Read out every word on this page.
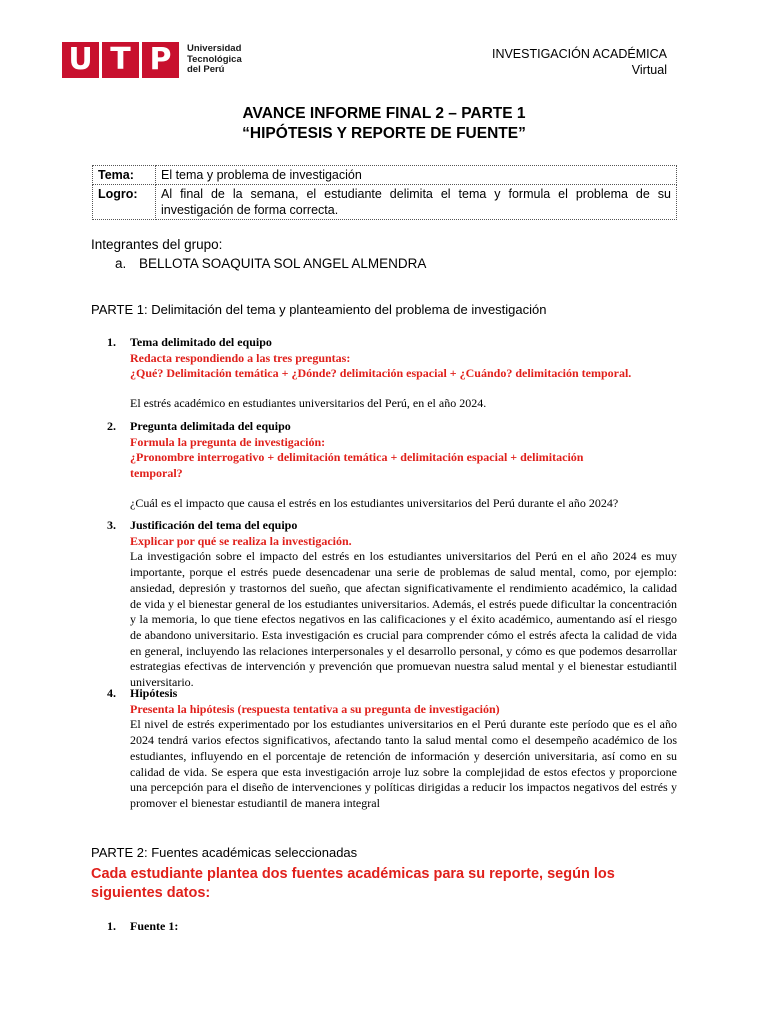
U T P	Universidad
Tecnológica
del Perú
INVESTIGACIÓN ACADÉMICA
Virtual
AVANCE INFORME FINAL 2 – PARTE 1
“HIPÓTESIS Y REPORTE DE FUENTE”
Tema:	El tema y problema de investigación
Logro:	Al final de la semana, el estudiante delimita el tema y formula el problema de su investigación de forma correcta.
Integrantes del grupo:
a. BELLOTA SOAQUITA SOL ANGEL ALMENDRA
PARTE 1: Delimitación del tema y planteamiento del problema de investigación
1. Tema delimitado del equipo
Redacta respondiendo a las tres preguntas:
¿Qué? Delimitación temática + ¿Dónde? delimitación espacial + ¿Cuándo? delimitación temporal.
El estrés académico en estudiantes universitarios del Perú, en el año 2024.
2. Pregunta delimitada del equipo
Formula la pregunta de investigación:
¿Pronombre interrogativo + delimitación temática + delimitación espacial + delimitación temporal?
¿Cuál es el impacto que causa el estrés en los estudiantes universitarios del Perú durante el año 2024?
3. Justificación del tema del equipo
Explicar por qué se realiza la investigación.
La investigación sobre el impacto del estrés en los estudiantes universitarios del Perú en el año 2024 es muy importante, porque el estrés puede desencadenar una serie de problemas de salud mental, como, por ejemplo: ansiedad, depresión y trastornos del sueño, que afectan significativamente el rendimiento académico, la calidad de vida y el bienestar general de los estudiantes universitarios. Además, el estrés puede dificultar la concentración y la memoria, lo que tiene efectos negativos en las calificaciones y el éxito académico, aumentando así el riesgo de abandono universitario. Esta investigación es crucial para comprender cómo el estrés afecta la calidad de vida en general, incluyendo las relaciones interpersonales y el desarrollo personal, y cómo es que podemos desarrollar estrategias efectivas de intervención y prevención que promuevan nuestra salud mental y el bienestar estudiantil universitario.
4. Hipótesis
Presenta la hipótesis (respuesta tentativa a su pregunta de investigación)
El nivel de estrés experimentado por los estudiantes universitarios en el Perú durante este período que es el año 2024 tendrá varios efectos significativos, afectando tanto la salud mental como el desempeño académico de los estudiantes, influyendo en el porcentaje de retención de información y deserción universitaria, así como en su calidad de vida. Se espera que esta investigación arroje luz sobre la complejidad de estos efectos y proporcione una percepción para el diseño de intervenciones y políticas dirigidas a reducir los impactos negativos del estrés y promover el bienestar estudiantil de manera integral
PARTE 2: Fuentes académicas seleccionadas
Cada estudiante plantea dos fuentes académicas para su reporte, según los siguientes datos:
1. Fuente 1:
